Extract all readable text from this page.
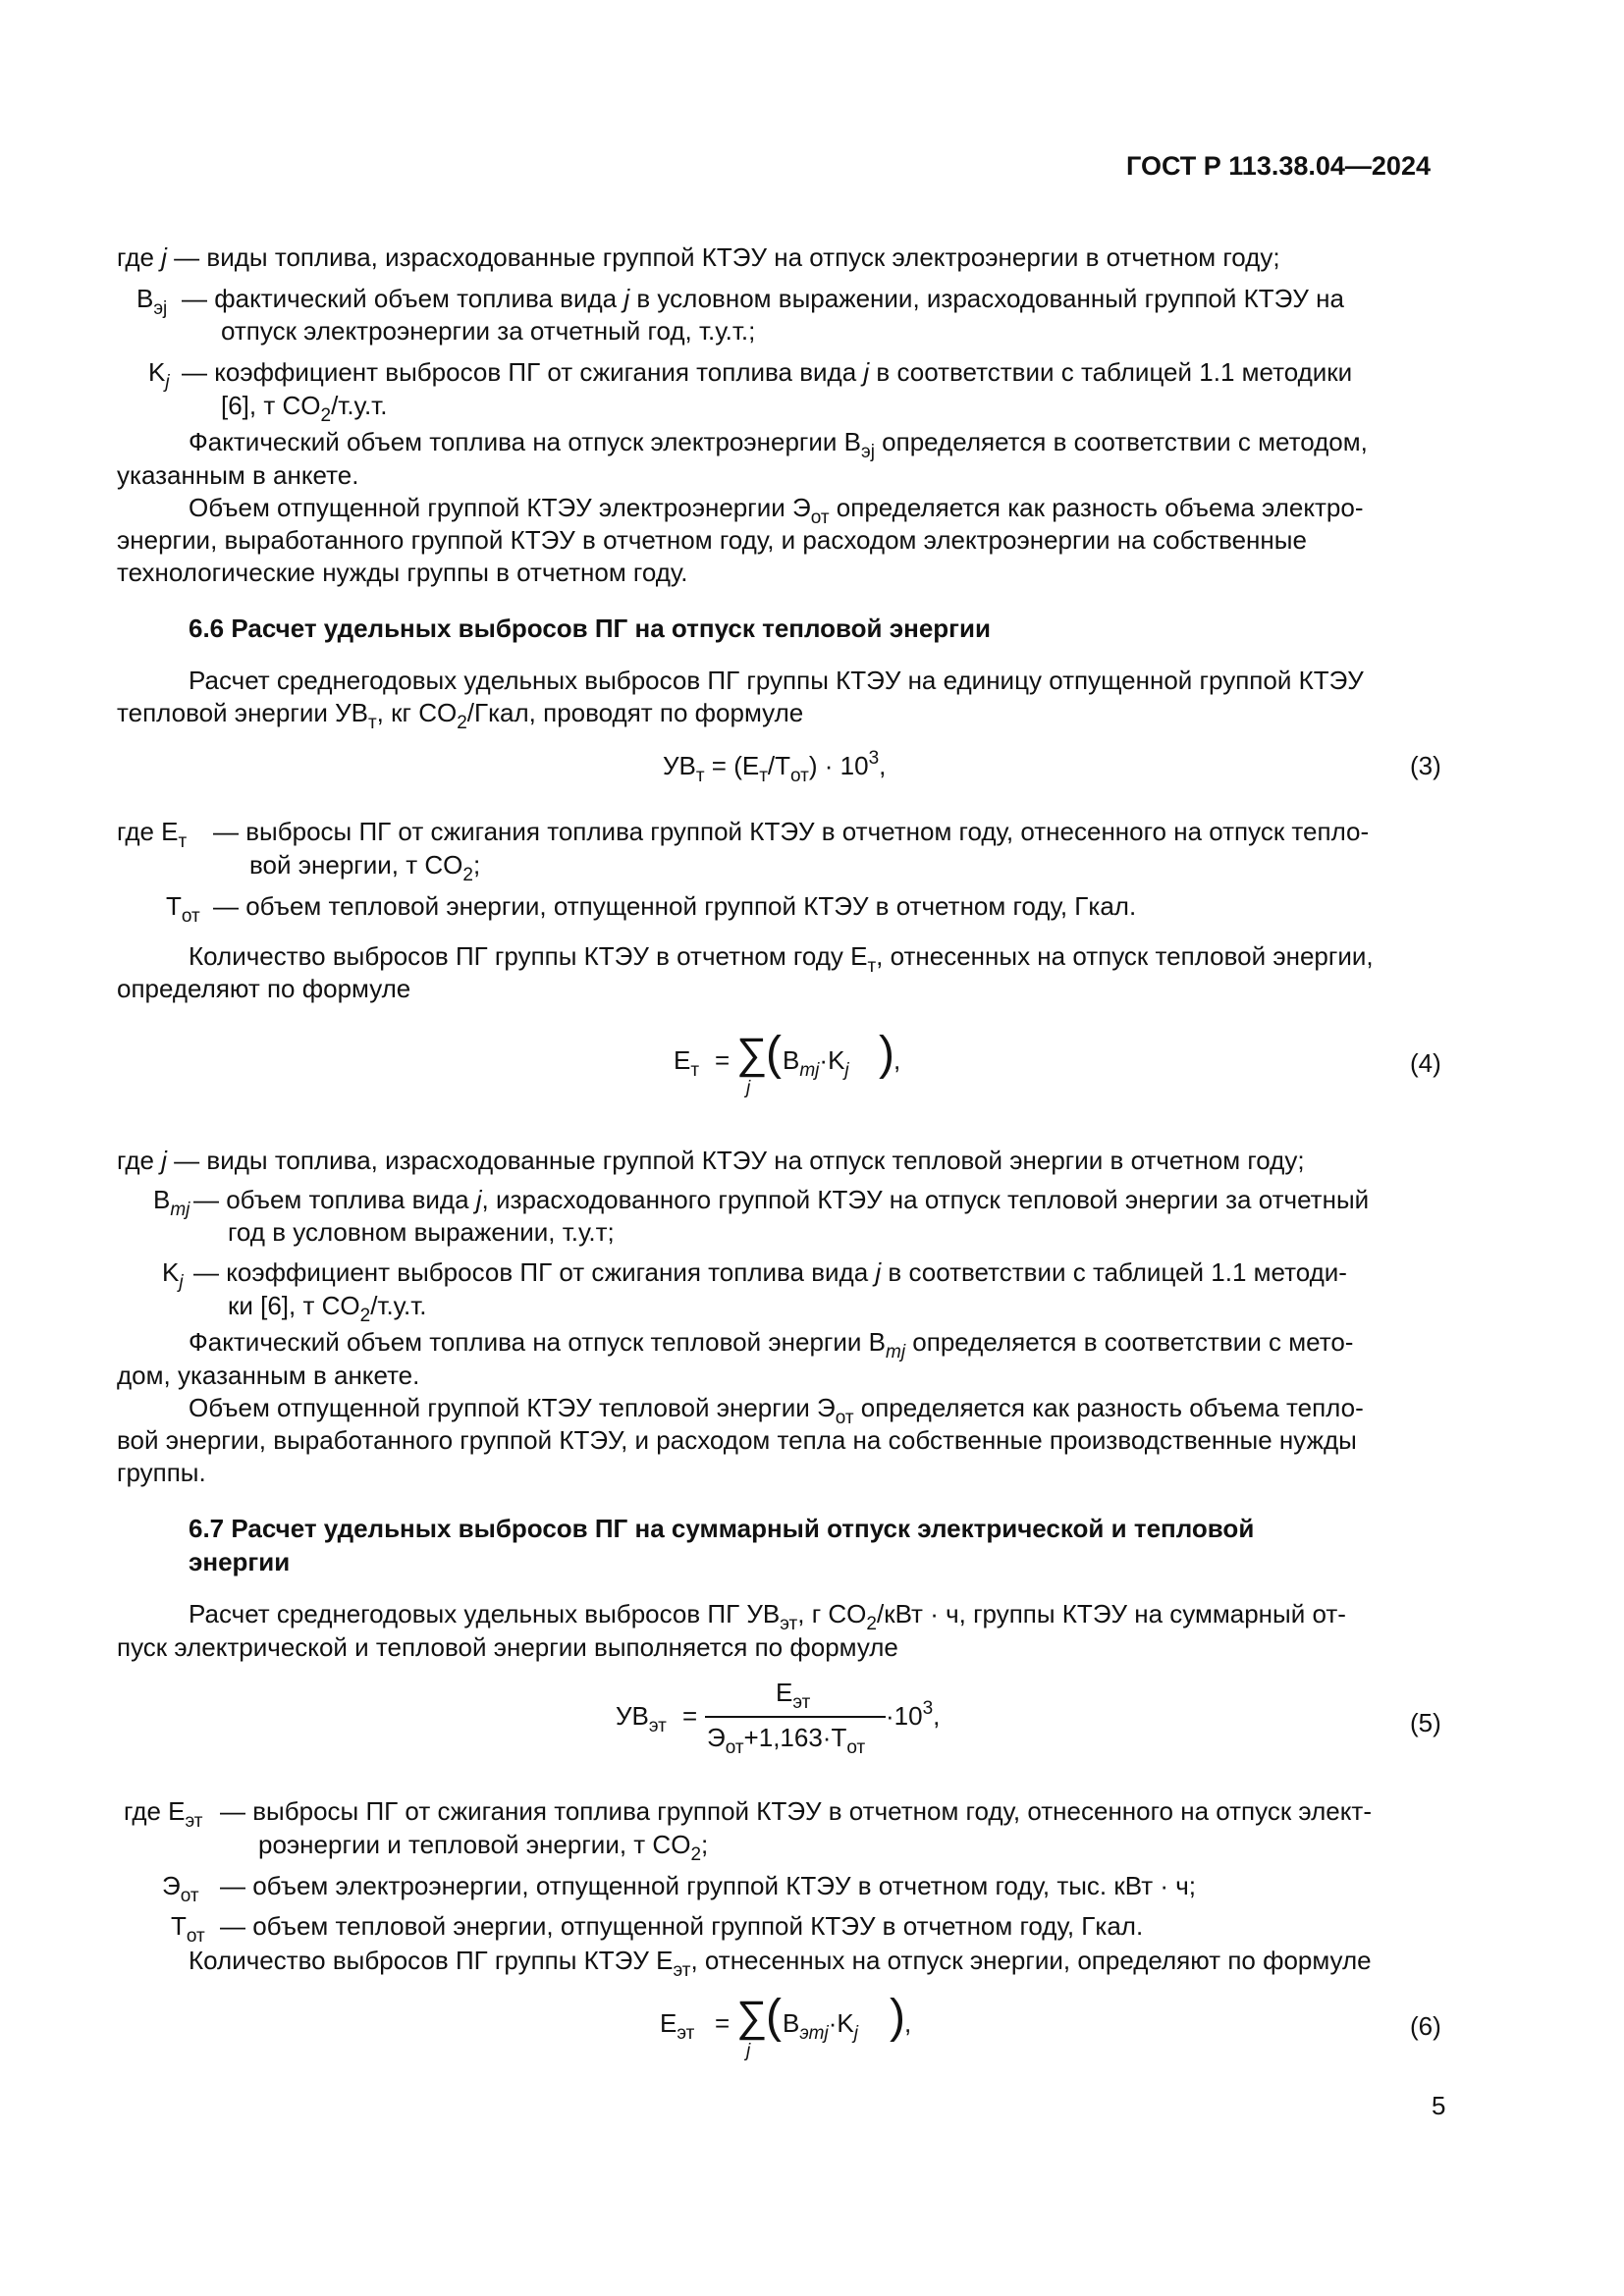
ГОСТ Р 113.38.04—2024
где j — виды топлива, израсходованные группой КТЭУ на отпуск электроэнергии в отчетном году;
$B_{эj}$ — фактический объем топлива вида j в условном выражении, израсходованный группой КТЭУ на
отпуск электроэнергии за отчетный год, т.у.т.;
$K_j$ — коэффициент выбросов ПГ от сжигания топлива вида j в соответствии с таблицей 1.1 методики
[6], т $CO_2/т.у.т$.
Фактический объем топлива на отпуск электроэнергии $B_{эj}$ определяется в соответствии с методом,
указанным в анкете.
Объем отпущенной группой КТЭУ электроэнергии $Э_{от}$ определяется как разность объема электро-
энергии, выработанного группой КТЭУ в отчетном году, и расходом электроэнергии на собственные
технологические нужды группы в отчетном году.
6.6 Расчет удельных выбросов ПГ на отпуск тепловой энергии
Расчет среднегодовых удельных выбросов ПГ группы КТЭУ на единицу отпущенной группой КТЭУ
тепловой энергии $УВ_т$, кг $CO_2$/Гкал, проводят по формуле
$УВ_т = (E_т/T_{от}) \cdot 10^3$,	(3)
где $E_т$ — выбросы ПГ от сжигания топлива группой КТЭУ в отчетном году, отнесенного на отпуск тепло-
вой энергии, т $CO_2$;
$T_{от}$ — объем тепловой энергии, отпущенной группой КТЭУ в отчетном году, Гкал.
Количество выбросов ПГ группы КТЭУ в отчетном году $E_т$, отнесенных на отпуск тепловой энергии,
определяют по формуле
$E_т$ = ∑
j
( $B_{тj}\cdot K_j$ ) ,	(4)
где j — виды топлива, израсходованные группой КТЭУ на отпуск тепловой энергии в отчетном году;
$B_{тj}$ — объем топлива вида j, израсходованного группой КТЭУ на отпуск тепловой энергии за отчетный
год в условном выражении, т.у.т;
$K_j$ — коэффициент выбросов ПГ от сжигания топлива вида j в соответствии с таблицей 1.1 методи-
ки [6], т $CO_2/т.у.т$.
Фактический объем топлива на отпуск тепловой энергии $B_{тj}$ определяется в соответствии с мето-
дом, указанным в анкете.
Объем отпущенной группой КТЭУ тепловой энергии $Э_{от}$ определяется как разность объема тепло-
вой энергии, выработанного группой КТЭУ, и расходом тепла на собственные производственные нужды
группы.
6.7 Расчет удельных выбросов ПГ на суммарный отпуск электрической и тепловой
энергии
Расчет среднегодовых удельных выбросов ПГ $УВ_{эт}$, г $CO_2$/кВт · ч, группы КТЭУ на суммарный от-
пуск электрической и тепловой энергии выполняется по формуле
$УВ_{эт}$ =
$E_{эт}$
$Э_{от}+1,163\cdot T_{от}$
$\cdot 10^3$,	(5)
где $E_{эт}$ — выбросы ПГ от сжигания топлива группой КТЭУ в отчетном году, отнесенного на отпуск элект-
роэнергии и тепловой энергии, т $CO_2$;
$Э_{от}$ — объем электроэнергии, отпущенной группой КТЭУ в отчетном году, тыс. кВт · ч;
$T_{от}$ — объем тепловой энергии, отпущенной группой КТЭУ в отчетном году, Гкал.
Количество выбросов ПГ группы КТЭУ $E_{эт}$, отнесенных на отпуск энергии, определяют по формуле
$E_{эт}$ = ∑
j
( $B_{этj}\cdot K_j$ ) ,	(6)
5
